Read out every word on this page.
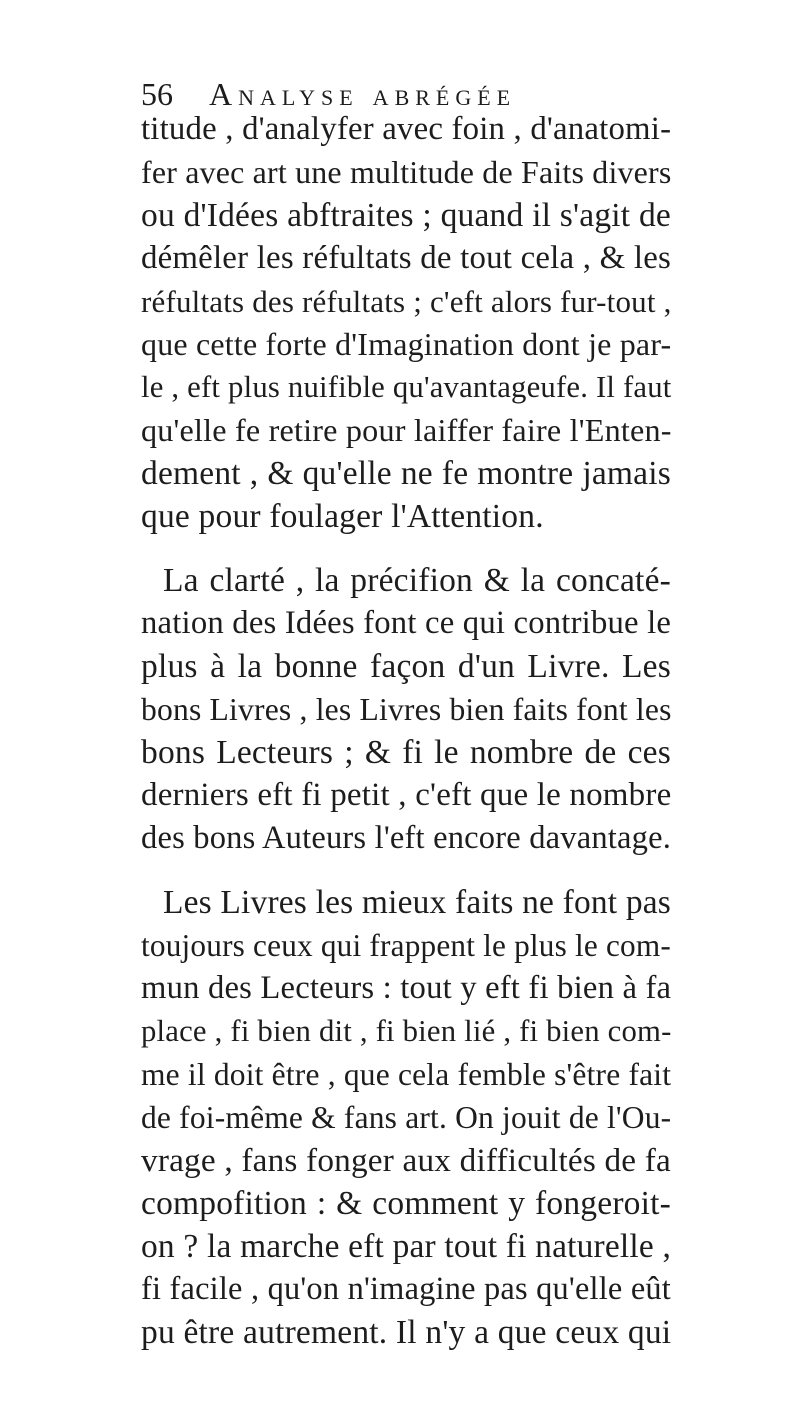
56 Analyse abrégée
titude , d'analyfer avec foin , d'anatomi-
fer avec art une multitude de Faits divers
ou d'Idées abftraites ; quand il s'agit de
démêler les réfultats de tout cela , & les
réfultats des réfultats ; c'eft alors fur-tout ,
que cette forte d'Imagination dont je par-
le , eft plus nuifible qu'avantageufe. Il faut
qu'elle fe retire pour laiffer faire l'Enten-
dement , & qu'elle ne fe montre jamais
que pour foulager l'Attention.
La clarté , la précifion & la concaté-
nation des Idées font ce qui contribue le
plus à la bonne façon d'un Livre. Les
bons Livres , les Livres bien faits font les
bons Lecteurs ; & fi le nombre de ces
derniers eft fi petit , c'eft que le nombre
des bons Auteurs l'eft encore davantage.
Les Livres les mieux faits ne font pas
toujours ceux qui frappent le plus le com-
mun des Lecteurs : tout y eft fi bien à fa
place , fi bien dit , fi bien lié , fi bien com-
me il doit être , que cela femble s'être fait
de foi-même & fans art. On jouit de l'Ou-
vrage , fans fonger aux difficultés de fa
compofition : & comment y fongeroit-
on ? la marche eft par tout fi naturelle ,
fi facile , qu'on n'imagine pas qu'elle eût
pu être autrement. Il n'y a que ceux qui
